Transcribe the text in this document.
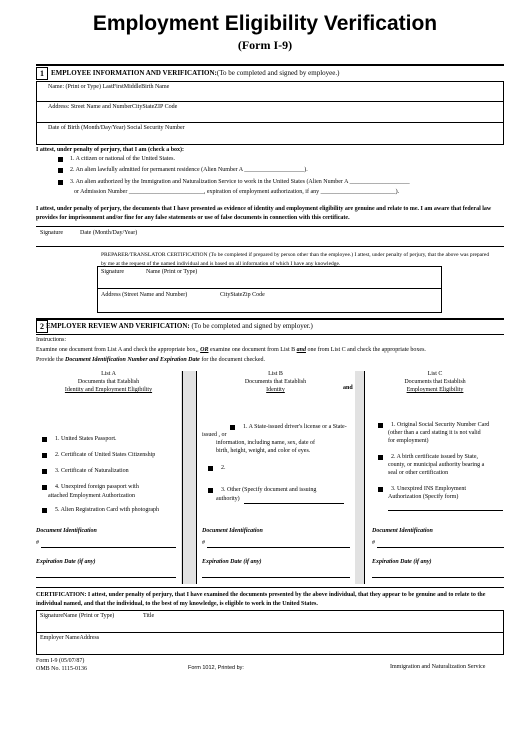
Employment Eligibility Verification
(Form I-9)
1	EMPLOYEE INFORMATION AND VERIFICATION:(To be completed and signed by employee.)
Name: (Print or Type) LastFirstMiddleBirth Name
Address: Street Name and NumberCityStateZIP Code
Date of Birth (Month/Day/Year) Social Security Number
I attest, under penalty of perjury, that I am (check a box):
1. A citizen or national of the United States.
2. An alien lawfully admitted for permanent residence (Alien Number A ____________________).
3. An alien authorized by the Immigration and Naturalization Service to work in the United States (Alien Number A ____________________
or Admission Number _________________________, expiration of employment authorization, if any _________________________).
I attest, under penalty of perjury, the documents that I have presented as evidence of identity and employment eligibility are genuine and relate to me. I am aware that federal law provides for imprisonment and/or fine for any false statements or use of false documents in connection with this certificate.
Signature	Date (Month/Day/Year)
PREPARER/TRANSLATOR CERTIFICATION (To be completed if prepared by person other than the employee.) I attest, under penalty of perjury, that the above was prepared by me at the request of the named individual and is based on all information of which I have any knowledge.
Signature	Name (Print or Type)
Address (Street Name and Number)	CityStateZip Code
2 EMPLOYER REVIEW AND VERIFICATION: (To be completed and signed by employer.)
Instructions:
Examine one document from List A and check the appropriate box,, OR examine one document from List B and one from List C and check the appropriate boxes.
Provide the Document Identification Number and Expiration Date for the document checked.
List A
Documents that Establish
Identity and Employment Eligibility
1. United States Passport.
2. Certificate of United States Citizenship
3. Certificate of Naturalization
4. Unexpired foreign passport with
attached Employment Authorization
5. Alien Registration Card with photograph
Document Identification
#
Expiration Date (if any)
List B
Documents that Establish
Identity	and
1. A State-issued driver's license or a State-
issued , or
information, including name, sex, date of
birth, height, weight, and color of eyes.
2.
3. Other (Specify document and issuing
authority)
Document Identification
#
Expiration Date (if any)
List C
Documents that Establish
Employment Eligibility
1. Original Social Security Number Card
(other than a card stating it is not valid
for employment)
2. A birth certificate issued by State,
county, or municipal authority bearing a
seal or other certification
3. Unexpired INS Employment
Authorization (Specify form)
Document Identification
#
Expiration Date (if any)
CERTIFICATION: I attest, under penalty of perjury, that I have examined the documents presented by the above individual, that they appear to be genuine and to relate to the individual named, and that the individual, to the best of my knowledge, is eligible to work in the United States.
SignatureName (Print or Type)	Title
Employer NameAddress
Form I-9 (05/07/87)
OMB No. 1115-0136	Form 1012, Printed by:	Immigration and Naturalization Service
